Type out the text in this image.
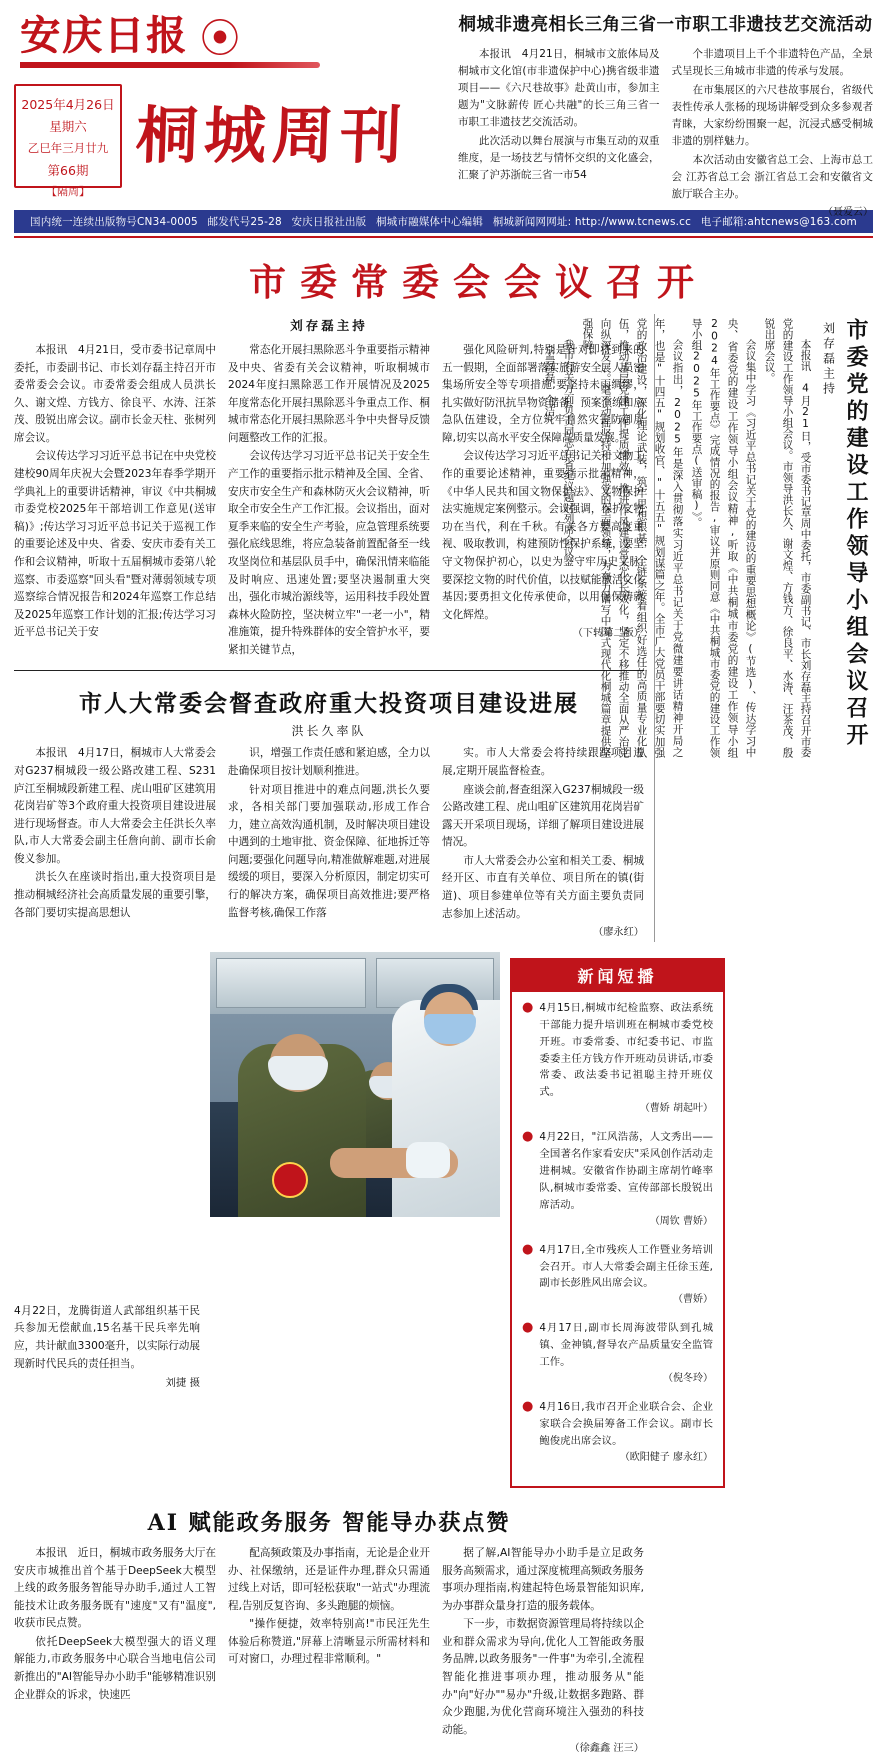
安庆日报 ⦿
2025年4月26日
星期六
乙巳年三月廿九
第66期
【隔周】
桐城周刊
桐城非遗亮相长三角三省一市职工非遗技艺交流活动

本报讯　4月21日，桐城市文旅体局及桐城市文化馆(市非遗保护中心)携省级非遗项目——《六尺巷故事》赴黄山市，参加主题为"文脉薪传 匠心共融"的长三角三省一市职工非遗技艺交流活动。

此次活动以舞台展演与市集互动的双重维度，是一场技艺与情怀交织的文化盛会，汇聚了沪苏浙皖三省一市54

个非遗项目上千个非遗特色产品，全景式呈现长三角城市非遗的传承与发展。

在市集展区的六尺巷故事展台，省级代表性传承人张杨的现场讲解受到众多参观者青睐，大家纷纷围聚一起，沉浸式感受桐城非遗的别样魅力。

本次活动由安徽省总工会、上海市总工会 江苏省总工会 浙江省总工会和安徽省文旅厅联合主办。

（聂爱云）
国内统一连续出版物号CN34-0005 邮发代号25-28 安庆日报社出版 桐城市融媒体中心编辑 桐城新闻网网址: http://www.tcnews.cc 电子邮箱:ahtcnews@163.com
市委常委会会议召开
刘存磊主持

本报讯　4月21日，受市委书记章周中委托，市委副书记、市长刘存磊主持召开市委常委会会议。市委常委会组成人员洪长久、谢文煌、方钱方、徐良平、水涛、汪茶茂、殷锐出席会议。副市长金天柱、张树列席会议。

会议传达学习习近平总书记在中央党校建校90周年庆祝大会暨2023年春季学期开学典礼上的重要讲话精神，审议《中共桐城市委党校2025年干部培训工作意见(送审稿)》;传达学习习近平总书记关于巡视工作的重要论述及中央、省委、安庆市委有关工作和会议精神，听取十五届桐城市委第八轮巡察、市委巡察"回头看"暨对薄弱领域专项巡察综合情况报告和2024年巡察工作总结及2025年巡察工作计划的汇报;传达学习习近平总书记关于安

常态化开展扫黑除恶斗争重要指示精神及中央、省委有关会议精神，听取桐城市2024年度扫黑除恶工作开展情况及2025年度常态化开展扫黑除恶斗争重点工作、桐城市常态化开展扫黑除恶斗争中央督导反馈问题整改工作的汇报。

会议传达学习习近平总书记关于安全生产工作的重要指示批示精神及全国、全省、安庆市安全生产和森林防灭火会议精神，听取全市安全生产工作汇报。会议指出，面对夏季来临的安全生产考验，应急管理系统要强化底线思维，将应急装备前置配备至一线攻坚岗位和基层队员手中，确保汛情来临能及时响应、迅速处置;要坚决遏制重大突出，强化市城治源线等，运用科技手段处置森林火险防控，坚决树立牢"一老一小"，精准施策，提升特殊群体的安全管护水平，要紧扣关键节点，

强化风险研判,特别是针对即将到来的五一假期，全面部署落实旅游安全、人员密集场所安全等专项措施;要坚持未雨绸缪，扎实做好防汛抗旱物资储备、预案演练和应急队伍建设，全方位筑牢自然灾害防御屏障,切实以高水平安全保障高质量发展。

会议传达学习习近平总书记关于文物工作的重要论述精神，重要指示批示精神，《中华人民共和国文物保护法》、文物保护法实施规定案例整示。会议强调，保护文物功在当代，利在千秋。有关各方要高度重视、吸取教训，构建预防性保护系统，要坚守文物保护初心，以史为鉴守牢历史文脉;要深挖文物的时代价值，以技赋能激活文化基因;要勇担文化传承使命，以用促保铸就文化辉煌。

（下转第二版）
市人大常委会督查政府重大投资项目建设进展
洪长久率队

本报讯　4月17日，桐城市人大常委会对G237桐城段一级公路改建工程、S231庐江至桐城段新建工程、虎山咀矿区建筑用花岗岩矿等3个政府重大投资项目建设进展进行现场督查。市人大常委会主任洪长久率队,市人大常委会副主任詹向前、副市长俞俊义参加。

洪长久在座谈时指出,重大投资项目是推动桐城经济社会高质量发展的重要引擎，各部门要切实提高思想认

识，增强工作责任感和紧迫感，全力以赴确保项目按计划顺利推进。

针对项目推进中的难点问题,洪长久要求，各相关部门要加强联动,形成工作合力，建立高效沟通机制，及时解决项目建设中遇到的土地审批、资金保障、征地拆迁等问题;要强化问题导向,精准做解难题,对进展缓缓的项目，要深入分析原因，制定切实可行的解决方案，确保项目高效推进;要严格监督考核,确保工作落

实。市人大常委会将持续跟踪项目进展,定期开展监督检查。

座谈会前,督查组深入G237桐城段一级公路改建工程、虎山咀矿区建筑用花岗岩矿露天开采项目现场，详细了解项目建设进展情况。

市人大常委会办公室和相关工委、桐城经开区、市直有关单位、项目所在的镇(街道)、项目参建单位等有关方面主要负责同志参加上述活动。

（廖永红）
市委党的建设工作领导小组会议召开
刘存磊主持

本报讯　4月21日，受市委书记章周中委托，市委副书记、市长刘存磊主持召开市委党的建设工作领导小组会议。市领导洪长久、谢文煌、方钱方、徐良平、水涛、汪茶茂、殷锐出席会议。

会议集中学习《习近平总书记关于党的建设的重要思想概论》(节选)、传达学习中央、省委党的建设工作领导小组会议精神,听取《中共桐城市委党的建设工作领导小组2024年工作要点》完成情况的报告,审议并原则同意《中共桐城市委党的建设工作领导小组2025年工作要点(送审稿)》。

会议指出，2025年是深入贯彻落实习近平总书记关于党微建要讲话精神开局之年，也是"十四五"规划收官、"十五五"规划谋篇之年。全市广大党员干部要切实加强党的政治建设，深化理论武装，筑牢思想根基，全链条接着组织好选任的高质量专业化队伍，推动基层党建工作提质增效，推进作风建设常态化长效化，坚定不移推动全面从严治党向纵深发展。毫不动摇坚持和加强党的全面领导，为奋力谱写中国式现代化桐城篇章提供坚强保障。

我市有关方面负责同志在省纪议题时列席会议。

（孟磊磊 全洁）

4月22日，龙腾街道人武部组织基干民兵参加无偿献血,15名基干民兵率先响应，共计献血3300毫升，以实际行动展现新时代民兵的责任担当。

刘捷 摄
新闻短播
● 4月15日,桐城市纪检监察、政法系统干部能力提升培训班在桐城市委党校开班。市委常委、市纪委书记、市监委委主任方钱方作开班动员讲话,市委常委、政法委书记祖聪主持开班仪式。
（曹娇 胡起叶）
● 4月22日，"江风浩荡，人文秀出——全国著名作家看安庆"采风创作活动走进桐城。安徽省作协副主席胡竹峰率队,桐城市委常委、宣传部部长殷锐出席活动。
（周钦 曹娇）
● 4月17日,全市残疾人工作暨业务培训会召开。市人大常委会副主任徐玉莲,副市长彭胜风出席会议。
（曹娇）
● 4月17日,副市长周海波带队到孔城镇、金神镇,督导农产品质量安全监管工作。
（倪冬玲）
● 4月16日,我市召开企业联合会、企业家联合会换届筹备工作会议。副市长鲍俊虎出席会议。
（欧阳健子 廖永红）
AI 赋能政务服务 智能导办获点赞

本报讯　近日，桐城市政务服务大厅在安庆市城推出首个基于DeepSeek大模型上线的政务服务智能导办助手,通过人工智能技术让政务服务既有"速度"又有"温度",收获市民点赞。

依托DeepSeek大模型强大的语义理解能力,市政务服务中心联合当地电信公司新推出的"AI智能导办小助手"能够精准识别企业群众的诉求，快速匹

配高频政策及办事指南，无论是企业开办、社保缴纳，还是证件办理,群众只需通过线上对话，即可轻松获取"一站式"办理流程,告别反复咨询、多头跑腿的烦恼。

"操作便捷，效率特别高!"市民汪先生体验后称赞道,"屏幕上清晰显示所需材料和可对窗口，办理过程非常顺利。"

据了解,AI智能导办小助手是立足政务服务高频需求，通过深度梳理高频政务服务事项办理指南,构建起特色场景智能知识库,为办事群众量身打造的服务载体。

下一步，市数据资源管理局将持续以企业和群众需求为导向,优化人工智能政务服务品牌,以政务服务"一件事"为牵引,全流程智能化推进事项办理，推动服务从"能办"向"好办""易办"升级,让数据多跑路、群众少跑腿,为优化营商环境注入强劲的科技动能。

（徐鑫鑫 汪三）
